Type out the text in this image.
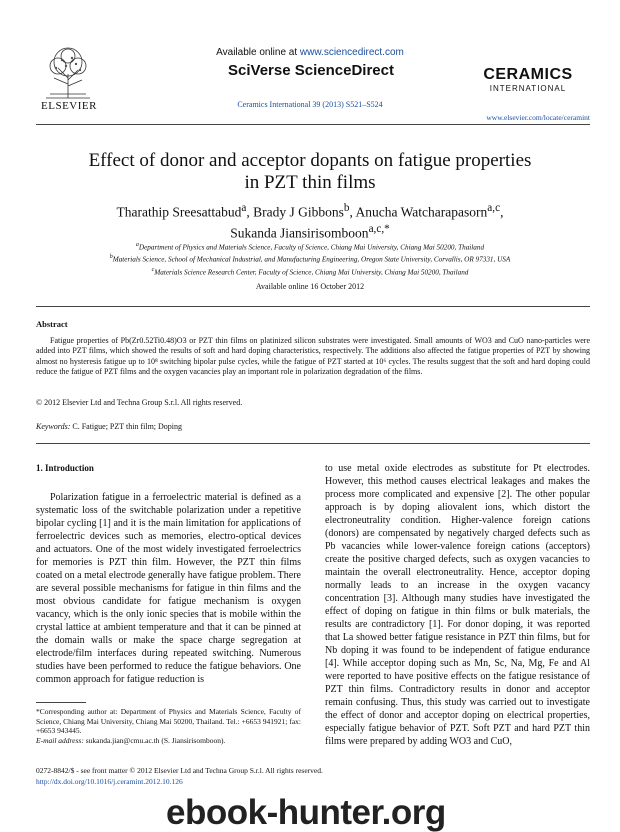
ELSEVIER
Available online at www.sciencedirect.com
SciVerse ScienceDirect
Ceramics International 39 (2013) S521–S524
CERAMICS
INTERNATIONAL
www.elsevier.com/locate/ceramint
Effect of donor and acceptor dopants on fatigue properties
in PZT thin films
Tharathip Sreesattabud$^a$, Brady J Gibbons$^b$, Anucha Watcharapasorn$^{a,c}$,
Sukanda Jiansirisomboon$^{a,c,*}$
$^a$Department of Physics and Materials Science, Faculty of Science, Chiang Mai University, Chiang Mai 50200, Thailand
$^b$Materials Science, School of Mechanical Industrial, and Manufacturing Engineering, Oregon State University, Corvallis, OR 97331, USA
$^c$Materials Science Research Center, Faculty of Science, Chiang Mai University, Chiang Mai 50200, Thailand
Available online 16 October 2012
Abstract
Fatigue properties of Pb(Zr0.52Ti0.48)O3 or PZT thin films on platinized silicon substrates were investigated. Small amounts of WO3 and CuO nano-particles were added into PZT films, which showed the results of soft and hard doping characteristics, respectively. The additions also affected the fatigue properties of PZT by showing almost no hysteresis fatigue up to 10⁸ switching bipolar pulse cycles, while the fatigue of PZT started at 10⁶ cycles. The results suggest that the soft and hard doping could reduce the fatigue of PZT films and the oxygen vacancies play an important role in polarization degradation of the films.
© 2012 Elsevier Ltd and Techna Group S.r.l. All rights reserved.
Keywords: C. Fatigue; PZT thin film; Doping
1. Introduction

Polarization fatigue in a ferroelectric material is defined as a systematic loss of the switchable polarization under a repetitive bipolar cycling [1] and it is the main limitation for applications of ferroelectric devices such as memories, electro-optical devices and actuators. One of the most widely investigated ferroelectrics for memories is PZT thin film. However, the PZT thin films coated on a metal electrode generally have fatigue problem. There are several possible mechanisms for fatigue in thin films and the most obvious candidate for fatigue mechanism is oxygen vacancy, which is the only ionic species that is mobile within the crystal lattice at ambient temperature and that it can be pinned at the domain walls or make the space charge segregation at electrode/film interfaces during repeated switching. Numerous studies have been performed to reduce the fatigue behaviors. One common approach for fatigue reduction is

to use metal oxide electrodes as substitute for Pt electrodes. However, this method causes electrical leakages and makes the process more complicated and expensive [2]. The other popular approach is by doping aliovalent ions, which distort the electroneutrality condition. Higher-valence foreign cations (donors) are compensated by negatively charged defects such as Pb vacancies while lower-valence foreign cations (acceptors) create the positive charged defects, such as oxygen vacancies to maintain the overall electroneutrality. Hence, acceptor doping normally leads to an increase in the oxygen vacancy concentration [3]. Although many studies have investigated the effect of doping on fatigue in thin films or bulk materials, the results are contradictory [1]. For donor doping, it was reported that La showed better fatigue resistance in PZT thin films, but for Nb doping it was found to be independent of fatigue endurance [4]. While acceptor doping such as Mn, Sc, Na, Mg, Fe and Al were reported to have positive effects on the fatigue resistance of PZT thin films. Contradictory results in donor and acceptor remain confusing. Thus, this study was carried out to investigate the effect of donor and acceptor doping on electrical properties, especially fatigue behavior of PZT. Soft PZT and hard PZT thin films were prepared by adding WO3 and CuO,

*Corresponding author at: Department of Physics and Materials Science, Faculty of Science, Chiang Mai University, Chiang Mai 50200, Thailand. Tel.: +6653 941921; fax: +6653 943445.
E-mail address: sukanda.jian@cmu.ac.th (S. Jiansirisomboon).
0272-8842/$ - see front matter © 2012 Elsevier Ltd and Techna Group S.r.l. All rights reserved.
http://dx.doi.org/10.1016/j.ceramint.2012.10.126
ebook-hunter.org
